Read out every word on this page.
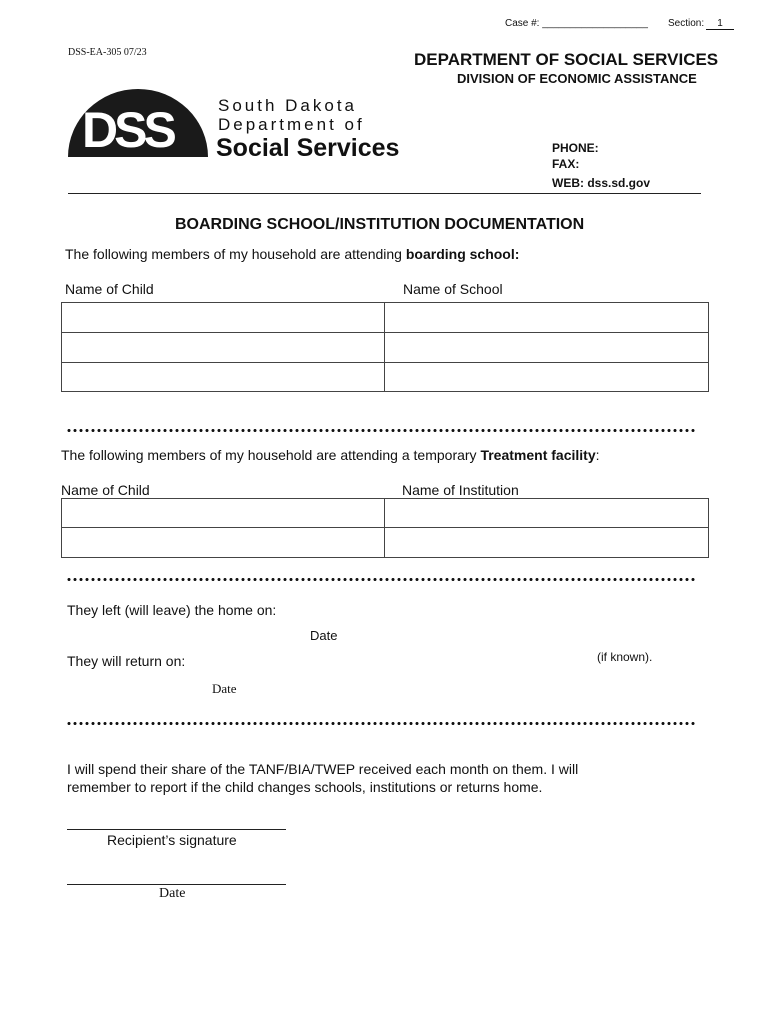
Case #: ___________________ Section:	1
DSS-EA-305 07/23	DEPARTMENT OF SOCIAL SERVICES
DIVISION OF ECONOMIC ASSISTANCE
DSS	South Dakota
Department of
Social Services	PHONE:
FAX:
WEB: dss.sd.gov
BOARDING SCHOOL/INSTITUTION DOCUMENTATION
The following members of my household are attending boarding school:
Name of Child	Name of School

The following members of my household are attending a temporary Treatment facility:
Name of Child	Name of Institution

They left (will leave) the home on:
Date
They will return on:	(if known).
Date
I will spend their share of the TANF/BIA/TWEP received each month on them. I will
remember to report if the child changes schools, institutions or returns home.
Recipient’s signature
Date
